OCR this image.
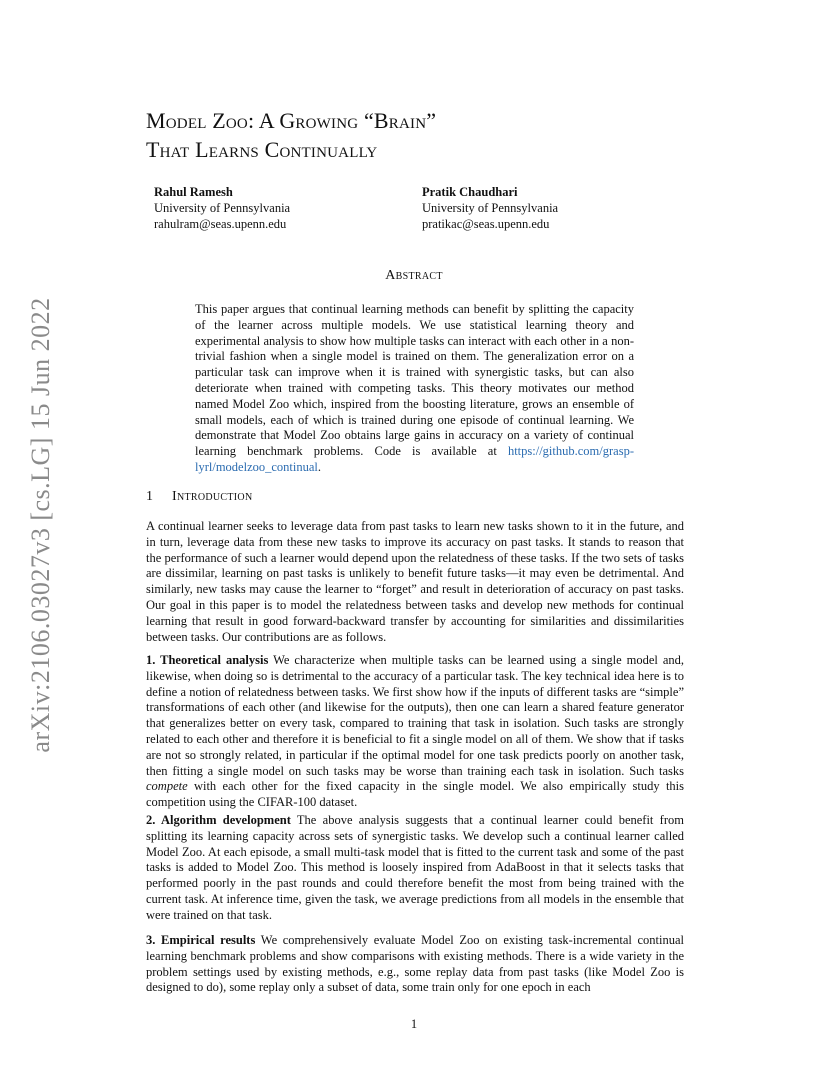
arXiv:2106.03027v3 [cs.LG] 15 Jun 2022
Model Zoo: A Growing “Brain”
That Learns Continually
Rahul Ramesh
University of Pennsylvania
rahulram@seas.upenn.edu
Pratik Chaudhari
University of Pennsylvania
pratikac@seas.upenn.edu
Abstract
This paper argues that continual learning methods can benefit by splitting the capacity of the learner across multiple models. We use statistical learning theory and experimental analysis to show how multiple tasks can interact with each other in a non-trivial fashion when a single model is trained on them. The generalization error on a particular task can improve when it is trained with synergistic tasks, but can also deteriorate when trained with competing tasks. This theory motivates our method named Model Zoo which, inspired from the boosting literature, grows an ensemble of small models, each of which is trained during one episode of continual learning. We demonstrate that Model Zoo obtains large gains in accuracy on a variety of continual learning benchmark problems. Code is available at https://github.com/grasp-lyrl/modelzoo_continual.
1 Introduction
A continual learner seeks to leverage data from past tasks to learn new tasks shown to it in the future, and in turn, leverage data from these new tasks to improve its accuracy on past tasks. It stands to reason that the performance of such a learner would depend upon the relatedness of these tasks. If the two sets of tasks are dissimilar, learning on past tasks is unlikely to benefit future tasks—it may even be detrimental. And similarly, new tasks may cause the learner to “forget” and result in deterioration of accuracy on past tasks. Our goal in this paper is to model the relatedness between tasks and develop new methods for continual learning that result in good forward-backward transfer by accounting for similarities and dissimilarities between tasks. Our contributions are as follows.
1. Theoretical analysis We characterize when multiple tasks can be learned using a single model and, likewise, when doing so is detrimental to the accuracy of a particular task. The key technical idea here is to define a notion of relatedness between tasks. We first show how if the inputs of different tasks are “simple” transformations of each other (and likewise for the outputs), then one can learn a shared feature generator that generalizes better on every task, compared to training that task in isolation. Such tasks are strongly related to each other and therefore it is beneficial to fit a single model on all of them. We show that if tasks are not so strongly related, in particular if the optimal model for one task predicts poorly on another task, then fitting a single model on such tasks may be worse than training each task in isolation. Such tasks compete with each other for the fixed capacity in the single model. We also empirically study this competition using the CIFAR-100 dataset.
2. Algorithm development The above analysis suggests that a continual learner could benefit from splitting its learning capacity across sets of synergistic tasks. We develop such a continual learner called Model Zoo. At each episode, a small multi-task model that is fitted to the current task and some of the past tasks is added to Model Zoo. This method is loosely inspired from AdaBoost in that it selects tasks that performed poorly in the past rounds and could therefore benefit the most from being trained with the current task. At inference time, given the task, we average predictions from all models in the ensemble that were trained on that task.
3. Empirical results We comprehensively evaluate Model Zoo on existing task-incremental continual learning benchmark problems and show comparisons with existing methods. There is a wide variety in the problem settings used by existing methods, e.g., some replay data from past tasks (like Model Zoo is designed to do), some replay only a subset of data, some train only for one epoch in each
1
